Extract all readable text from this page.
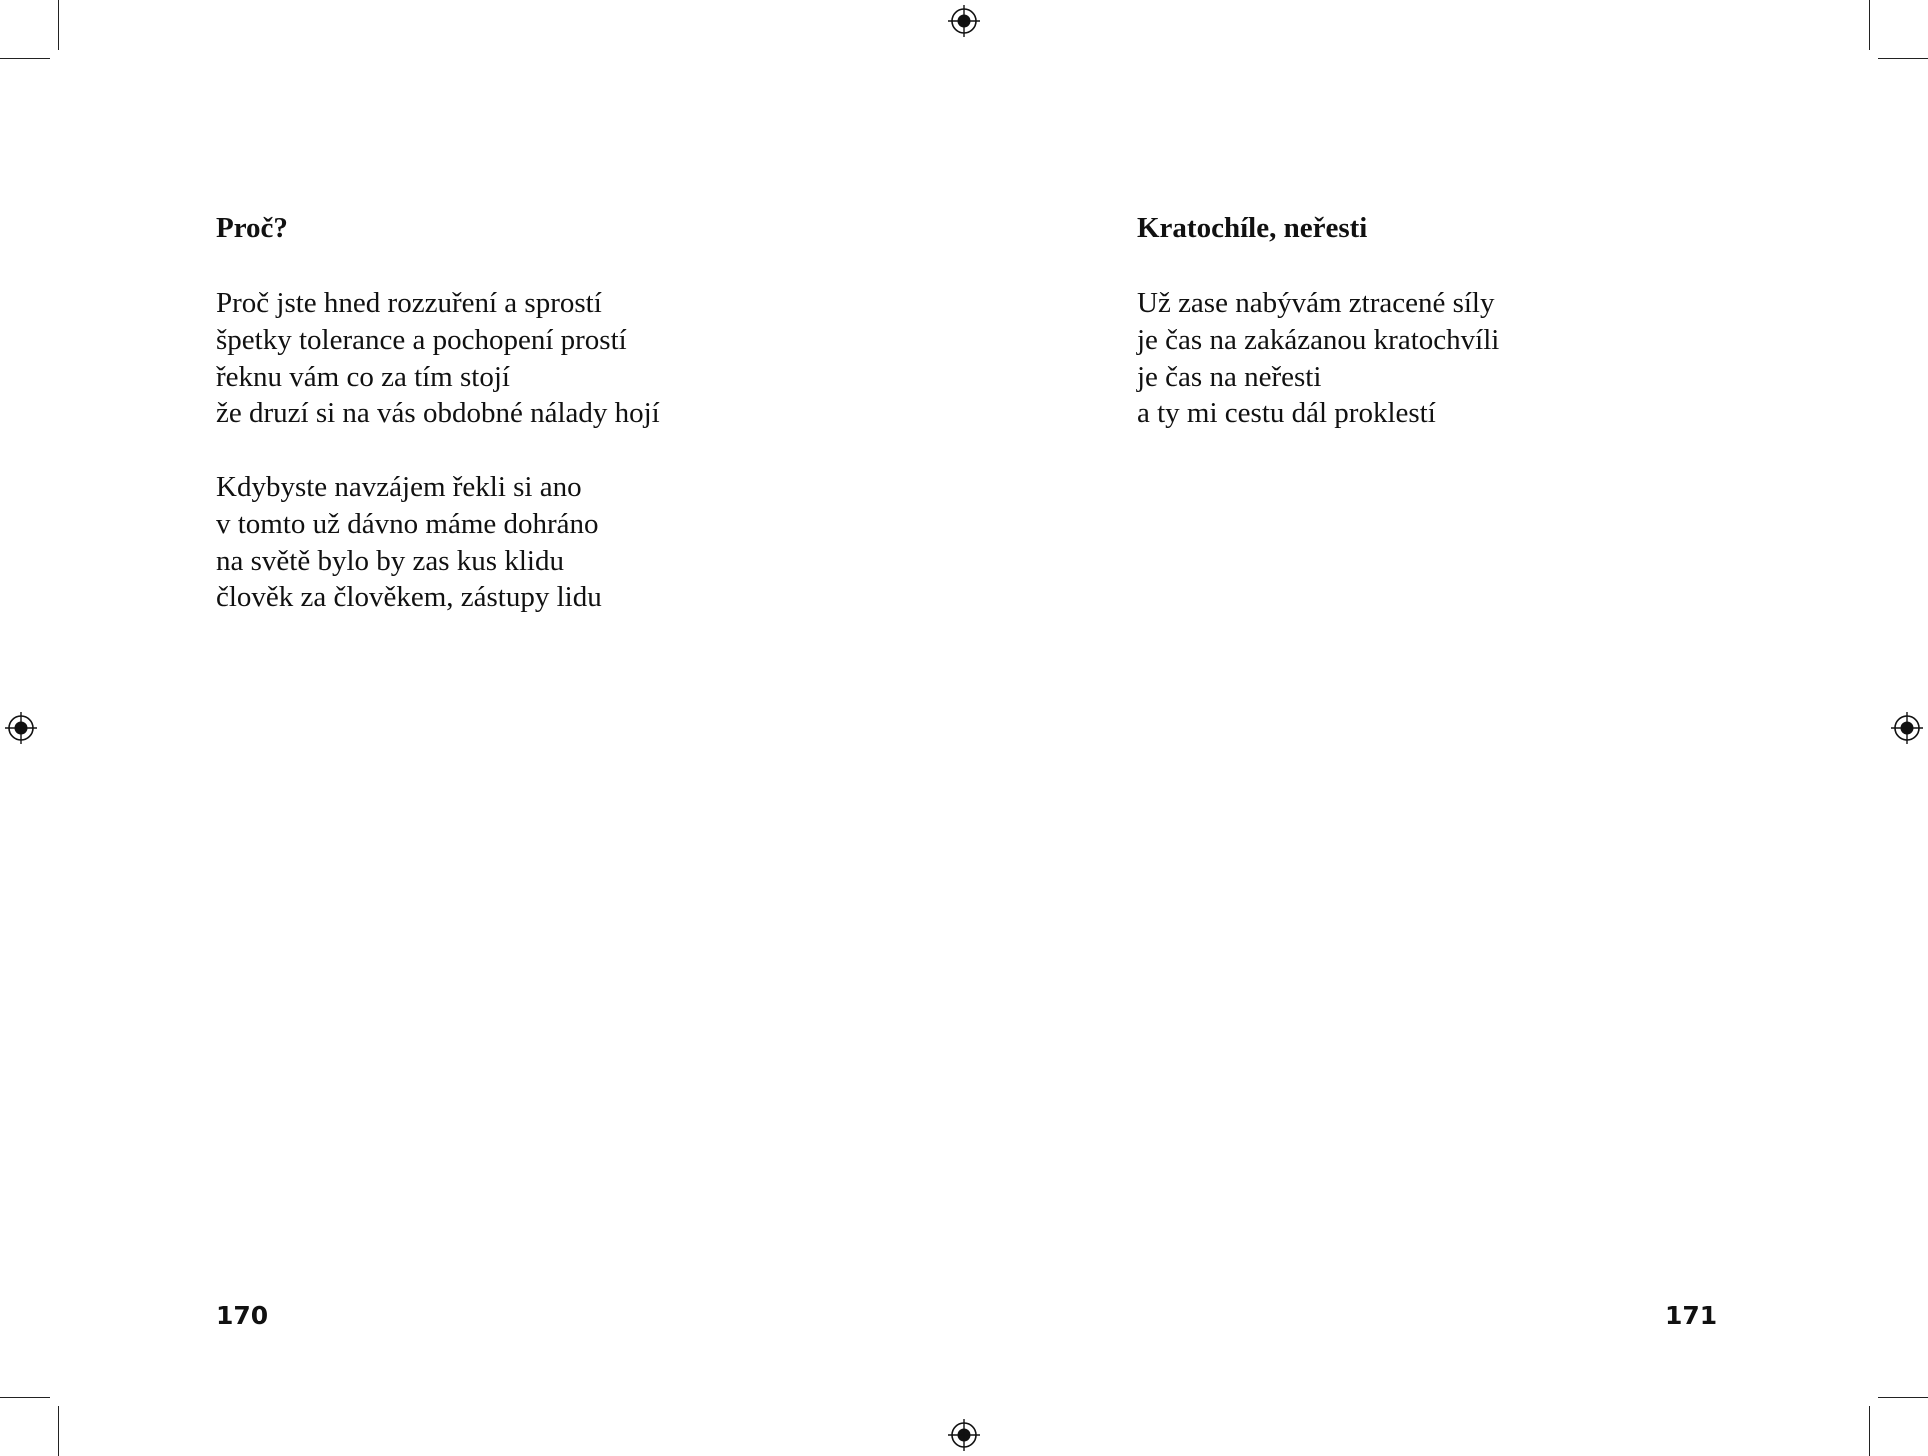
Proč?
Proč jste hned rozzuření a sprostí
špetky tolerance a pochopení prostí
řeknu vám co za tím stojí
že druzí si na vás obdobné nálady hojí
Kdybyste navzájem řekli si ano
v tomto už dávno máme dohráno
na světě bylo by zas kus klidu
člověk za člověkem, zástupy lidu
170
Kratochíle, neřesti
Už zase nabývám ztracené síly
je čas na zakázanou kratochvíli
je čas na neřesti
a ty mi cestu dál proklestí
171
